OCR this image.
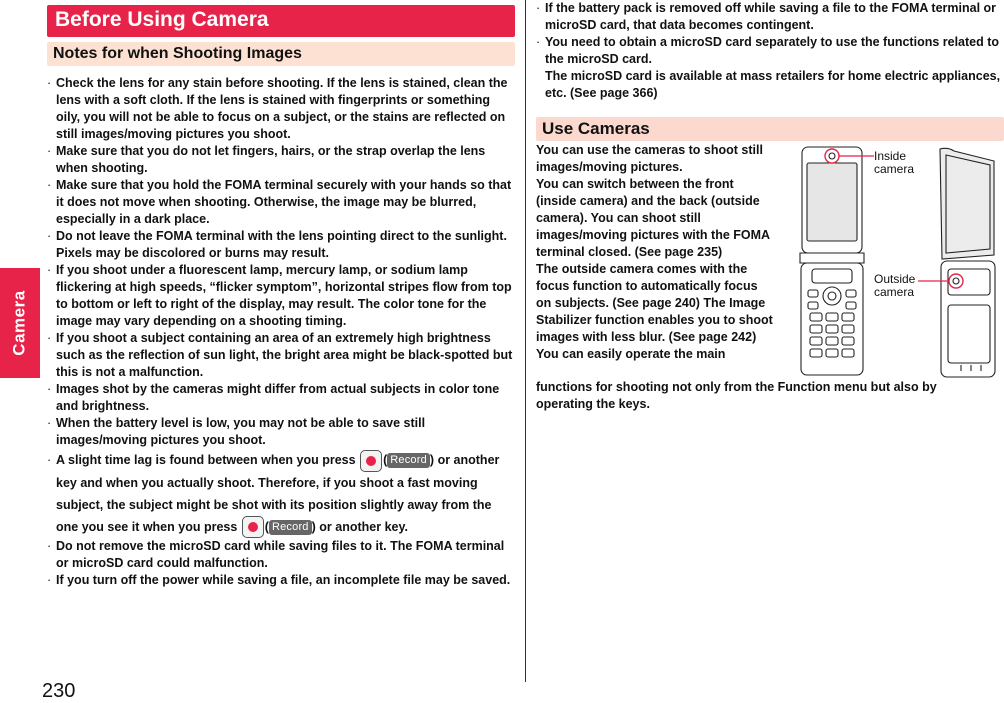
Camera
Before Using Camera
Notes for when Shooting Images
· Check the lens for any stain before shooting. If the lens is stained, clean the lens with a soft cloth. If the lens is stained with fingerprints or something oily, you will not be able to focus on a subject, or the stains are reflected on still images/moving pictures you shoot.
· Make sure that you do not let fingers, hairs, or the strap overlap the lens when shooting.
· Make sure that you hold the FOMA terminal securely with your hands so that it does not move when shooting. Otherwise, the image may be blurred, especially in a dark place.
· Do not leave the FOMA terminal with the lens pointing direct to the sunlight. Pixels may be discolored or burns may result.
· If you shoot under a fluorescent lamp, mercury lamp, or sodium lamp flickering at high speeds, “flicker symptom”, horizontal stripes flow from top to bottom or left to right of the display, may result. The color tone for the image may vary depending on a shooting timing.
· If you shoot a subject containing an area of an extremely high brightness such as the reflection of sun light, the bright area might be black-spotted but this is not a malfunction.
· Images shot by the cameras might differ from actual subjects in color tone and brightness.
· When the battery level is low, you may not be able to save still images/moving pictures you shoot.
· A slight time lag is found between when you press ( Record ) or another key and when you actually shoot. Therefore, if you shoot a fast moving subject, the subject might be shot with its position slightly away from the one you see it when you press ( Record ) or another key.
· Do not remove the microSD card while saving files to it. The FOMA terminal or microSD card could malfunction.
· If you turn off the power while saving a file, an incomplete file may be saved.
· If the battery pack is removed off while saving a file to the FOMA terminal or microSD card, that data becomes contingent.
· You need to obtain a microSD card separately to use the functions related to the microSD card.
The microSD card is available at mass retailers for home electric appliances, etc. (See page 366)
Use Cameras
You can use the cameras to shoot still images/moving pictures.
You can switch between the front (inside camera) and the back (outside camera). You can shoot still images/moving pictures with the FOMA terminal closed. (See page 235)
The outside camera comes with the focus function to automatically focus on subjects. (See page 240) The Image Stabilizer function enables you to shoot images with less blur. (See page 242)
You can easily operate the main
functions for shooting not only from the Function menu but also by operating the keys.
Inside
camera
Outside
camera
230
